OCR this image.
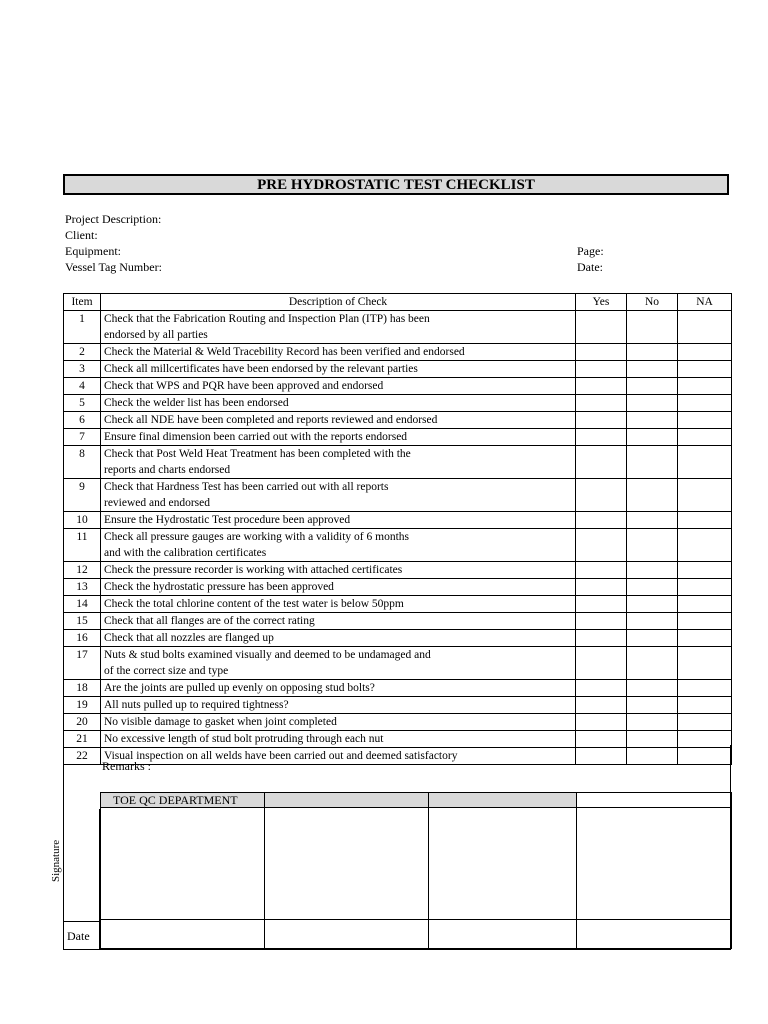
PRE HYDROSTATIC TEST CHECKLIST
Project Description:
Client:
Equipment:
Vessel Tag Number:
Page:
Date:
Item	Description of Check	Yes	No	NA
1	Check that the Fabrication Routing and Inspection Plan (ITP) has been
endorsed by all parties			
2	Check the Material & Weld Tracebility Record has been verified and endorsed			
3	Check all millcertificates have been endorsed by the relevant parties			
4	Check that WPS and PQR have been approved and endorsed			
5	Check the welder list has been endorsed			
6	Check all NDE have been completed and reports reviewed and endorsed			
7	Ensure final dimension been carried out with the reports endorsed			
8	Check that Post Weld Heat Treatment has been completed with the
reports and charts endorsed			
9	Check that Hardness Test has been carried out with all reports
reviewed and endorsed			
10	Ensure the Hydrostatic Test procedure been approved			
11	Check all pressure gauges are working with a validity of 6 months
and with the calibration certificates			
12	Check the pressure recorder is working with attached certificates			
13	Check the hydrostatic pressure has been approved			
14	Check the total chlorine content of the test water is below 50ppm			
15	Check that all flanges are of the correct rating			
16	Check that all nozzles are flanged up			
17	Nuts & stud bolts examined visually and deemed to be undamaged and
of the correct size and type			
18	Are the joints are pulled up evenly on opposing stud bolts?			
19	All nuts pulled up to required tightness?			
20	No visible damage to gasket when joint completed			
21	No excessive length of stud bolt protruding through each nut			
22	Visual inspection on all welds have been carried out and deemed satisfactory			
Remarks :
Signature
Date
TOE QC DEPARTMENT			
